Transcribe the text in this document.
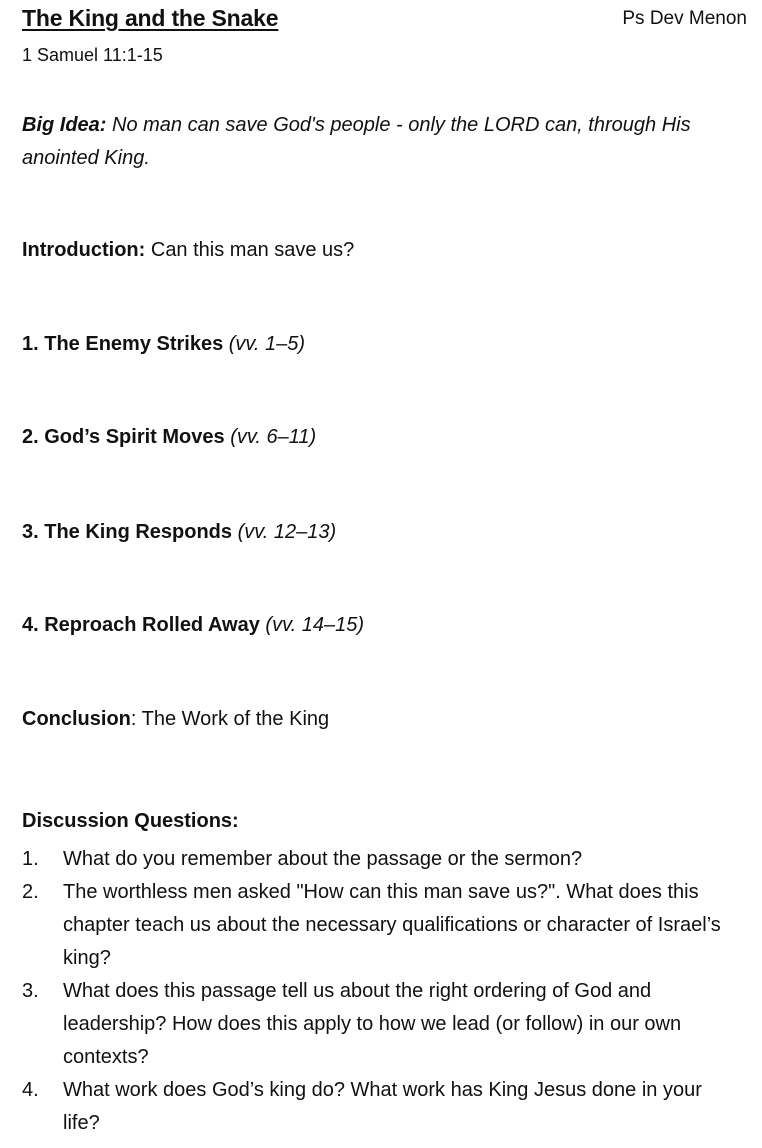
The King and the Snake	Ps Dev Menon
1 Samuel 11:1-15
Big Idea: No man can save God's people - only the LORD can, through His anointed King.
Introduction: Can this man save us?
1. The Enemy Strikes (vv. 1–5)
2. God’s Spirit Moves (vv. 6–11)
3. The King Responds (vv. 12–13)
4. Reproach Rolled Away (vv. 14–15)
Conclusion: The Work of the King
Discussion Questions:
1. What do you remember about the passage or the sermon?
2. The worthless men asked "How can this man save us?". What does this chapter teach us about the necessary qualifications or character of Israel’s king?
3. What does this passage tell us about the right ordering of God and leadership? How does this apply to how we lead (or follow) in our own contexts?
4. What work does God’s king do? What work has King Jesus done in your life?
